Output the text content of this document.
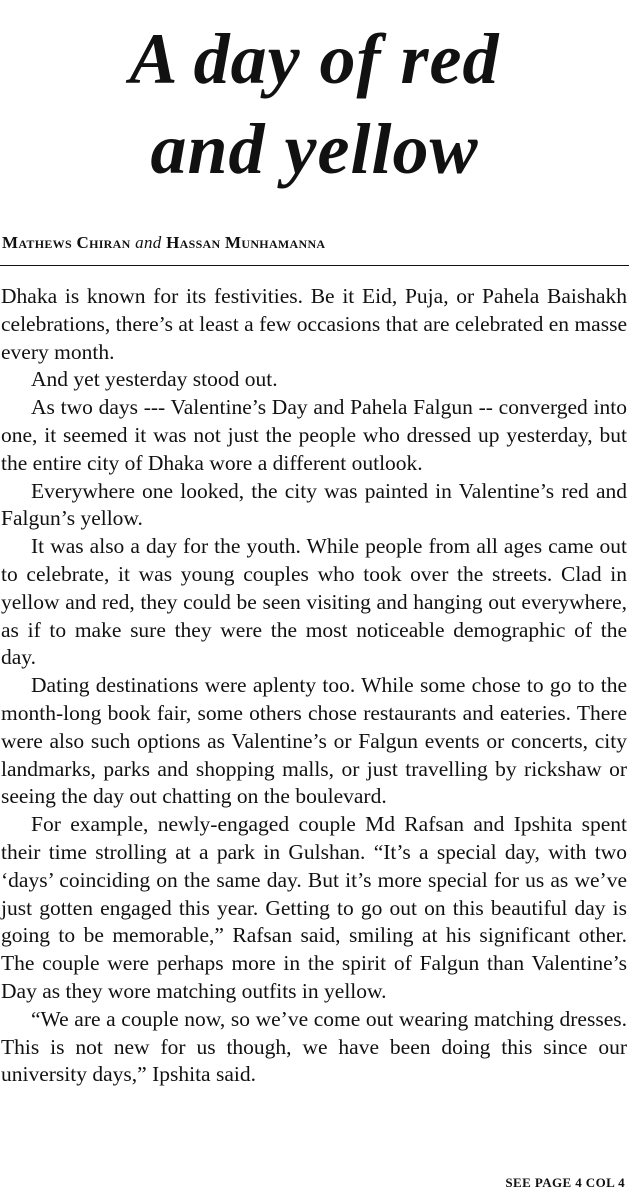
A day of red
and yellow
Mathews Chiran and Hassan Munhamanna

Dhaka is known for its festivities. Be it Eid, Puja, or Pahela Baishakh celebrations, there’s at least a few occasions that are celebrated en masse every month.

And yet yesterday stood out.

As two days --- Valentine’s Day and Pahela Falgun -- converged into one, it seemed it was not just the people who dressed up yesterday, but the entire city of Dhaka wore a different outlook.

Everywhere one looked, the city was painted in Valentine’s red and Falgun’s yellow.

It was also a day for the youth. While people from all ages came out to celebrate, it was young couples who took over the streets. Clad in yellow and red, they could be seen visiting and hanging out everywhere, as if to make sure they were the most noticeable demographic of the day.

Dating destinations were aplenty too. While some chose to go to the month-long book fair, some others chose restaurants and eateries. There were also such options as Valentine’s or Falgun events or concerts, city landmarks, parks and shopping malls, or just travelling by rickshaw or seeing the day out chatting on the boulevard.

For example, newly-engaged couple Md Rafsan and Ipshita spent their time strolling at a park in Gulshan. “It’s a special day, with two ‘days’ coinciding on the same day. But it’s more special for us as we’ve just gotten engaged this year. Getting to go out on this beautiful day is going to be memorable,” Rafsan said, smiling at his significant other. The couple were perhaps more in the spirit of Falgun than Valentine’s Day as they wore matching outfits in yellow.

“We are a couple now, so we’ve come out wearing matching dresses. This is not new for us though, we have been doing this since our university days,” Ipshita said.

SEE PAGE 4 COL 4
